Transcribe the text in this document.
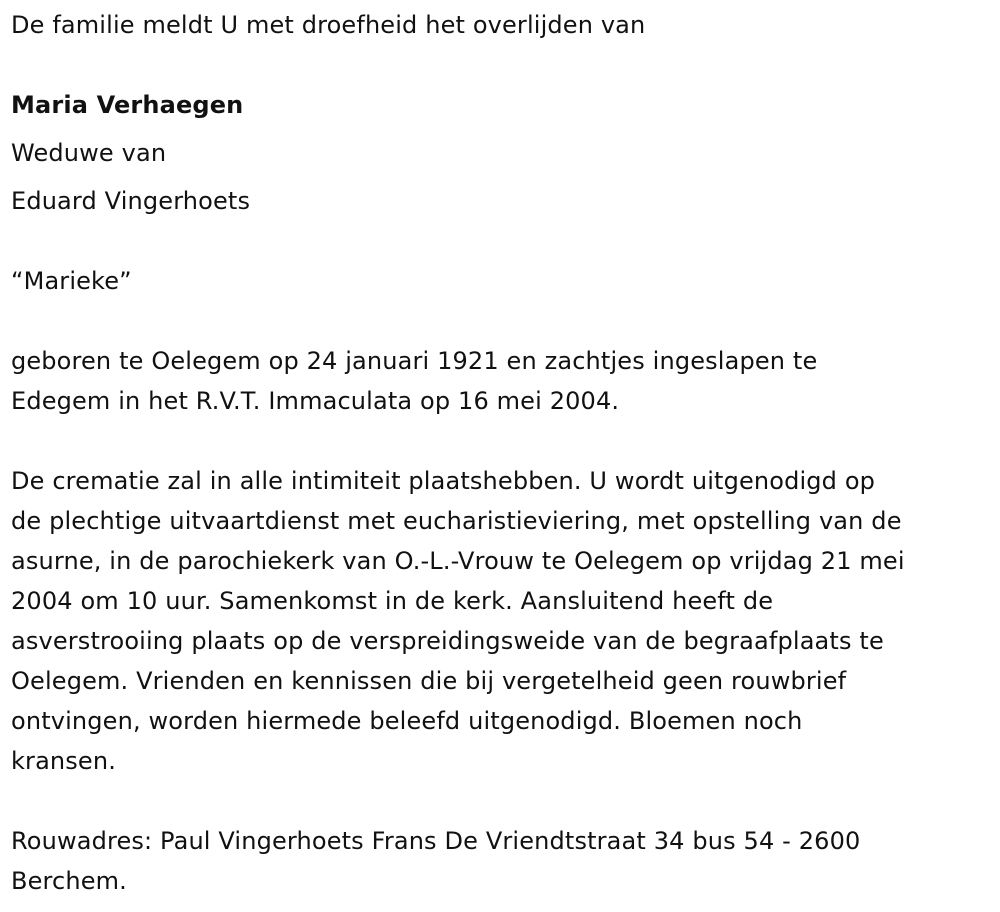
De familie meldt U met droefheid het overlijden van
Maria Verhaegen
Weduwe van
Eduard Vingerhoets
“Marieke”
geboren te Oelegem op 24 januari 1921 en zachtjes ingeslapen te
Edegem in het R.V.T. Immaculata op 16 mei 2004.
De crematie zal in alle intimiteit plaatshebben. U wordt uitgenodigd op
de plechtige uitvaartdienst met eucharistieviering, met opstelling van de
asurne, in de parochiekerk van O.-L.-Vrouw te Oelegem op vrijdag 21 mei
2004 om 10 uur. Samenkomst in de kerk. Aansluitend heeft de
asverstrooiing plaats op de verspreidingsweide van de begraafplaats te
Oelegem. Vrienden en kennissen die bij vergetelheid geen rouwbrief
ontvingen, worden hiermede beleefd uitgenodigd. Bloemen noch
kransen.
Rouwadres: Paul Vingerhoets Frans De Vriendtstraat 34 bus 54 - 2600
Berchem.
